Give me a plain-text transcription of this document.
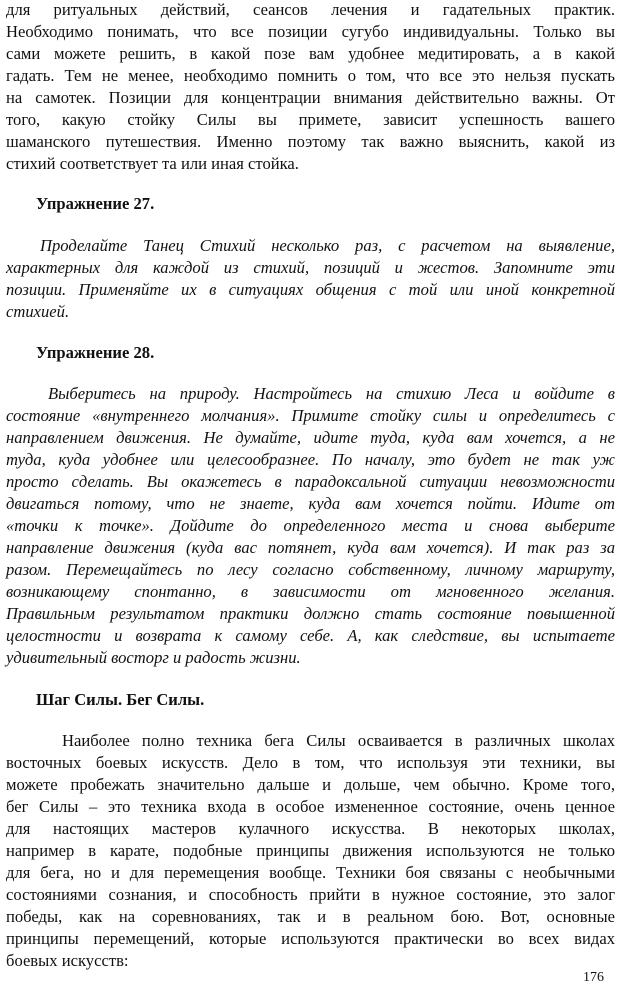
для ритуальных действий, сеансов лечения и гадательных практик.
Необходимо понимать, что все позиции сугубо индивидуальны. Только вы
сами можете решить, в какой позе вам удобнее медитировать, а в какой
гадать. Тем не менее, необходимо помнить о том, что все это нельзя пускать
на самотек. Позиции для концентрации внимания действительно важны. От
того, какую стойку Силы вы примете, зависит успешность вашего
шаманского путешествия. Именно поэтому так важно выяснить, какой из
стихий соответствует та или иная стойка.
Упражнение 27.
Проделайте Танец Стихий несколько раз, с расчетом на выявление,
характерных для каждой из стихий, позиций и жестов. Запомните эти
позиции. Применяйте их в ситуациях общения с той или иной конкретной
стихией.
Упражнение 28.
Выберитесь на природу. Настройтесь на стихию Леса и войдите в
состояние «внутреннего молчания». Примите стойку силы и определитесь с
направлением движения. Не думайте, идите туда, куда вам хочется, а не
туда, куда удобнее или целесообразнее. По началу, это будет не так уж
просто сделать. Вы окажетесь в парадоксальной ситуации невозможности
двигаться потому, что не знаете, куда вам хочется пойти. Идите от
«точки к точке». Дойдите до определенного места и снова выберите
направление движения (куда вас потянет, куда вам хочется). И так раз за
разом. Перемещайтесь по лесу согласно собственному, личному маршруту,
возникающему спонтанно, в зависимости от мгновенного желания.
Правильным результатом практики должно стать состояние повышенной
целостности и возврата к самому себе. А, как следствие, вы испытаете
удивительный восторг и радость жизни.
Шаг Силы. Бег Силы.
Наиболее полно техника бега Силы осваивается в различных школах
восточных боевых искусств. Дело в том, что используя эти техники, вы
можете пробежать значительно дальше и дольше, чем обычно. Кроме того,
бег Силы – это техника входа в особое измененное состояние, очень ценное
для настоящих мастеров кулачного искусства. В некоторых школах,
например в карате, подобные принципы движения используются не только
для бега, но и для перемещения вообще. Техники боя связаны с необычными
состояниями сознания, и способность прийти в нужное состояние, это залог
победы, как на соревнованиях, так и в реальном бою. Вот, основные
принципы перемещений, которые используются практически во всех видах
боевых искусств:
176
